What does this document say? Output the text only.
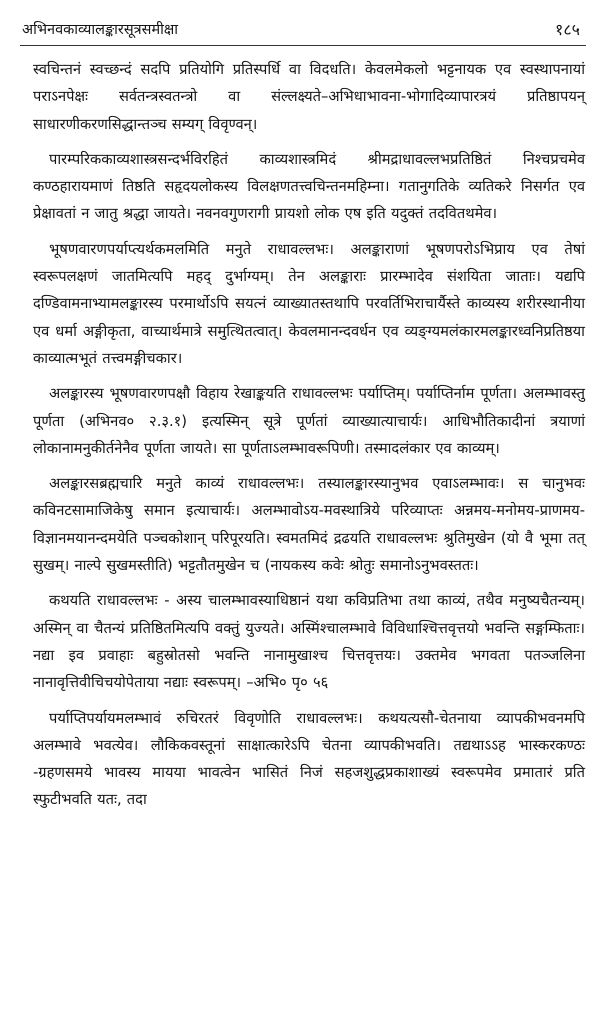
अभिनवकाव्यालङ्कारसूत्रसमीक्षा	१८५

स्वचिन्तनं स्वच्छन्दं सदपि प्रतियोगि प्रतिस्पर्धि वा विदधति। केवलमेकलो भट्टनायक एव स्वस्थापनायां पराऽनपेक्षः सर्वतन्त्रस्वतन्त्रो वा संल्लक्ष्यते–अभिधाभावना-भोगादिव्यापारत्रयं प्रतिष्ठापयन् साधारणीकरणसिद्धान्तञ्च सम्यग् विवृण्वन्।

पारम्परिककाव्यशास्त्रसन्दर्भविरहितं काव्यशास्त्रमिदं श्रीमद्राधावल्लभप्रतिष्ठितं निश्चप्रचमेव कण्ठहारायमाणं तिष्ठति सहृदयलोकस्य विलक्षणतत्त्वचिन्तनमहिम्ना। गतानुगतिके व्यतिकरे निसर्गत एव प्रेक्षावतां न जातु श्रद्धा जायते। नवनवगुणरागी प्रायशो लोक एष इति यदुक्तं तदवितथमेव।

भूषणवारणपर्याप्त्यर्थकमलमिति मनुते राधावल्लभः। अलङ्काराणां भूषणपरोऽभिप्राय एव तेषां स्वरूपलक्षणं जातमित्यपि महद् दुर्भाग्यम्। तेन अलङ्काराः प्रारम्भादेव संशयिता जाताः। यद्यपि दण्डिवामनाभ्यामलङ्कारस्य परमार्थोऽपि सयत्नं व्याख्यातस्तथापि परवर्तिभिराचार्यैस्ते काव्यस्य शरीरस्थानीया एव धर्मा अङ्गीकृता, वाच्यार्थमात्रे समुत्थितत्वात्। केवलमानन्दवर्धन एव व्यङ्ग्यमलंकारमलङ्कारध्वनिप्रतिष्ठया काव्यात्मभूतं तत्त्वमङ्गीचकार।

अलङ्कारस्य भूषणवारणपक्षौ विहाय रेखाङ्कयति राधावल्लभः पर्याप्तिम्। पर्याप्तिर्नाम पूर्णता। अलम्भावस्तु पूर्णता (अभिनव० २.३.१) इत्यस्मिन् सूत्रे पूर्णतां व्याख्यात्याचार्यः। आधिभौतिकादीनां त्रयाणां लोकानामनुकीर्तनेनैव पूर्णता जायते। सा पूर्णताऽलम्भावरूपिणी। तस्मादलंकार एव काव्यम्।

अलङ्कारसब्रह्मचारि मनुते काव्यं राधावल्लभः। तस्यालङ्कारस्यानुभव एवाऽलम्भावः। स चानुभवः कविनटसामाजिकेषु समान इत्याचार्यः। अलम्भावोऽय-मवस्थात्रिये परिव्याप्तः अन्नमय-मनोमय-प्राणमय-विज्ञानमयानन्दमयेति पञ्चकोशान् परिपूरयति। स्वमतमिदं द्रढयति राधावल्लभः श्रुतिमुखेन (यो वै भूमा तत् सुखम्। नाल्पे सुखमस्तीति) भट्टतौतमुखेन च (नायकस्य कवेः श्रोतुः समानोऽनुभवस्ततः।

कथयति राधावल्लभः - अस्य चालम्भावस्याधिष्ठानं यथा कविप्रतिभा तथा काव्यं, तथैव मनुष्यचैतन्यम्। अस्मिन् वा चैतन्यं प्रतिष्ठितमित्यपि वक्तुं युज्यते। अस्मिंश्चालम्भावे विविधाश्चित्तवृत्तयो भवन्ति सङ्गम्फिताः। नद्या इव प्रवाहाः बहुस्रोतसो भवन्ति नानामुखाश्च चित्तवृत्तयः। उक्तमेव भगवता पतञ्जलिना नानावृत्तिवीचिचयोपेताया नद्याः स्वरूपम्। –अभि० पृ० ५६

पर्याप्तिपर्यायमलम्भावं रुचिरतरं विवृणोति राधावल्लभः। कथयत्यसौ-चेतनाया व्यापकीभवनमपि अलम्भावे भवत्येव। लौकिकवस्तूनां साक्षात्कारेऽपि चेतना व्यापकीभवति। तद्यथाऽऽह भास्करकण्ठः -ग्रहणसमये भावस्य मायया भावत्वेन भासितं निजं सहजशुद्धप्रकाशाख्यं स्वरूपमेव प्रमातारं प्रति स्फुटीभवति यतः, तदा
